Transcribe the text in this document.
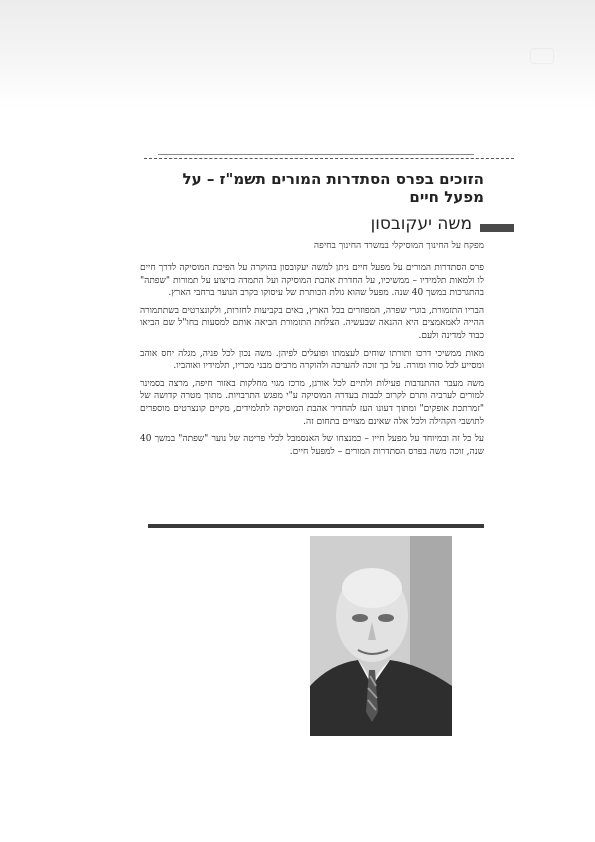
הזוכים בפרס הסתדרות המורים תשמ"ז – על מפעל חיים
משה יעקובסון
מפקח על החינוך המוסיקלי במשרד החינוך בחיפה

פרס הסתדרות המורים על מפעל חיים ניתן למשה יעקובסון בהוקרה על הפיכת המוסיקה לדרך חיים לו ולמאות תלמידיו – ממשיכיו, על החדרת אהבת המוסיקה ועל התמדה בזיצוע על תמורות "שפתה" בהתגרכות במשך 40 שנה. מפעל שהוא גולת הכותרת של עיסוקו בקרב הנוער ברחבי הארץ.

הבריו התזמורת, בוגרי שפרה, המפוזרים בכל הארץ, באים בקביעות לחזרות, ולקונצרטים בשתתמורה ההייה לאמאמצים היא ההנאה שבעשיה. הצלחת התזמורת הביאה אותם למסעות בחו"ל שם הביאו כבוד למדינה ולעם.

מאות ממשיכי דרכו ותורתו שוחים לעצמתו ופועלים לפיהן. משה נכון לכל פניה, מגלה יחס אוהב ומסייע לכל סורו ומורה. על כך זוכה להערכה ולהוקרה מרבים מבני מכריו, תלמידיו ואוהביו.

משה מעבר ההתנדבות פעילות ולתיים לכל אורגן, מרכז מגוי מחלקות באזור חיפה, מרצה בסמינר למורים לערביה ותרם לקרוב לבבות בעדרה המוסיקה ע"י מפגש התרבויות. מתוך מטרה קדושה של "זמרתכת אופקים" ומתוך דעונו העז להחדיר אהבת המוסיקה לתלמידים, מקיים קונצרטים מוספרים לתושבי הקהילה ולכל אלה שאינם מצויים בתחום זה.

על כל זה ובמיוחד על מפעל חייו – כמנצחו של האנסמבל לכלי פריטה של נוער "שפתה" במשך 40 שנה, זוכה משה בפרס הסתדרות המורים – למפעל חיים.
